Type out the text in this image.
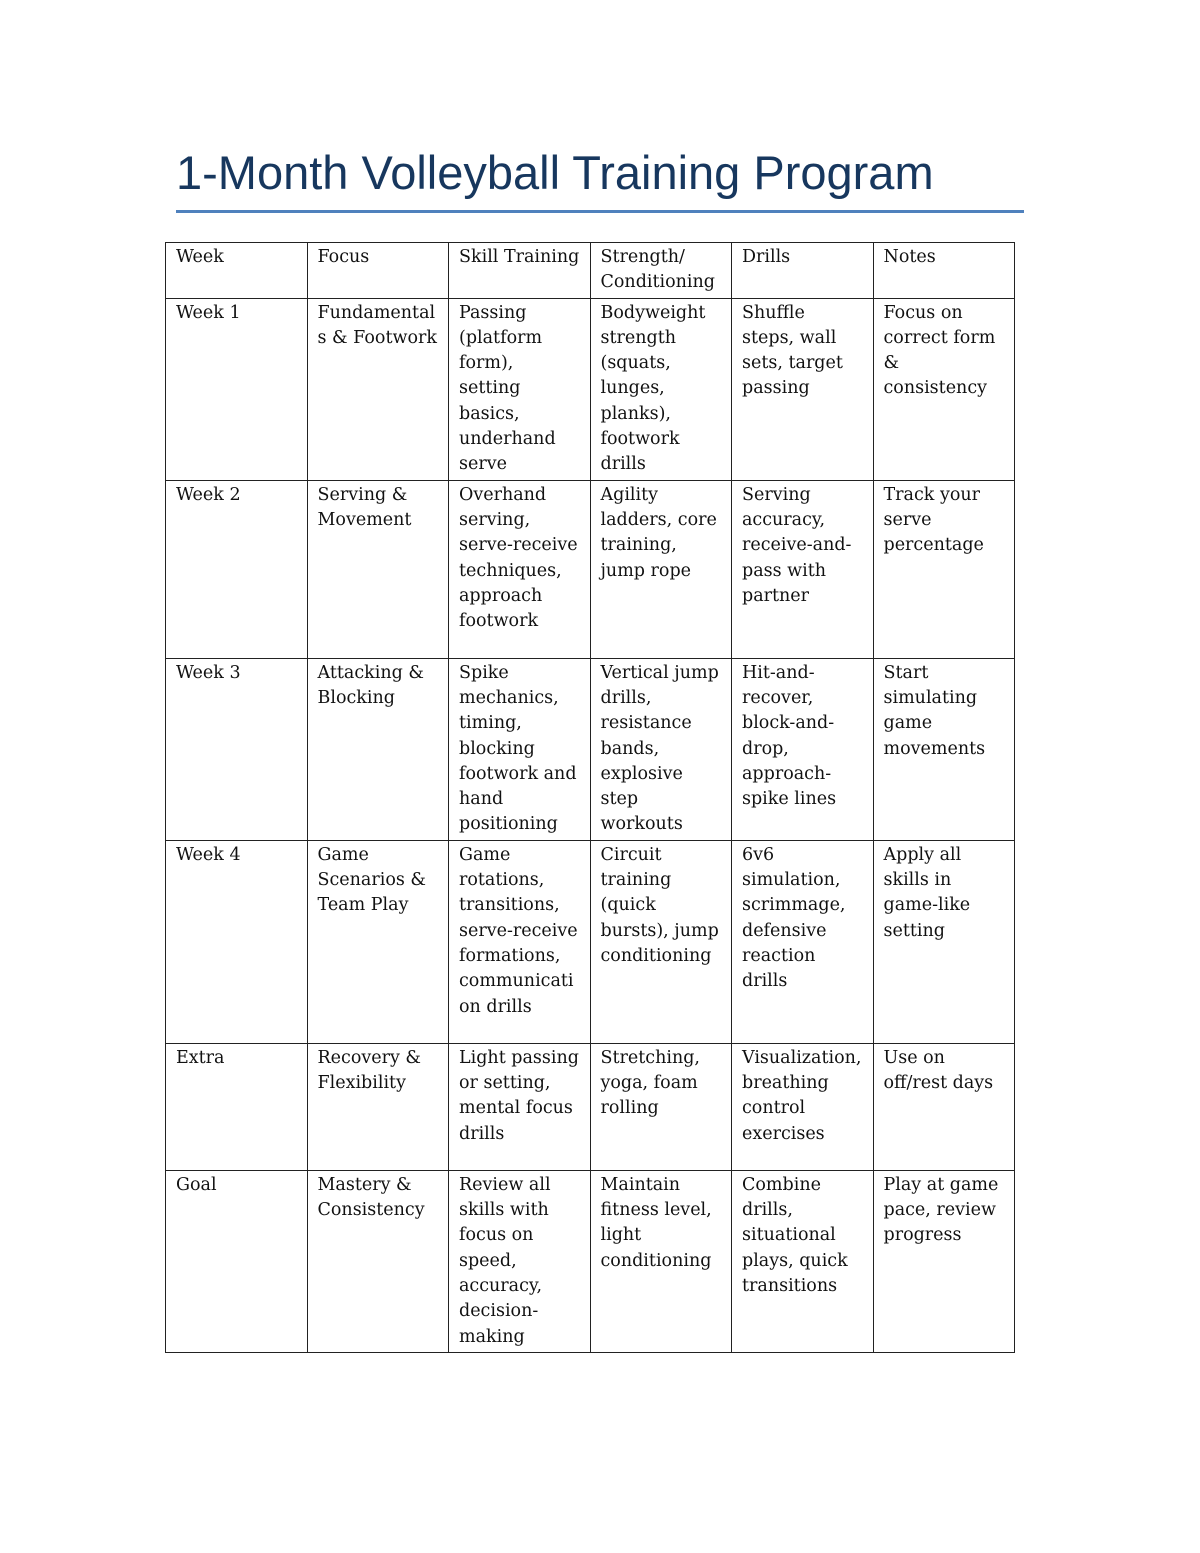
1-Month Volleyball Training Program
Week	Focus	Skill Training	Strength/ Conditioning	Drills	Notes
Week 1	Fundamentals & Footwork	Passing (platform form), setting basics, underhand serve	Bodyweight strength (squats, lunges, planks), footwork drills	Shuffle steps, wall sets, target passing	Focus on correct form & consistency
Week 2	Serving & Movement	Overhand serving, serve-receive techniques, approach footwork	Agility ladders, core training, jump rope	Serving accuracy, receive-and-pass with partner	Track your serve percentage
Week 3	Attacking & Blocking	Spike mechanics, timing, blocking footwork and hand positioning	Vertical jump drills, resistance bands, explosive step workouts	Hit-and-recover, block-and-drop, approach-spike lines	Start simulating game movements
Week 4	Game Scenarios & Team Play	Game rotations, transitions, serve-receive formations, communication drills	Circuit training (quick bursts), jump conditioning	6v6 simulation, scrimmage, defensive reaction drills	Apply all skills in game-like setting
Extra	Recovery & Flexibility	Light passing or setting, mental focus drills	Stretching, yoga, foam rolling	Visualization, breathing control exercises	Use on off/rest days
Goal	Mastery & Consistency	Review all skills with focus on speed, accuracy, decision-making	Maintain fitness level, light conditioning	Combine drills, situational plays, quick transitions	Play at game pace, review progress
